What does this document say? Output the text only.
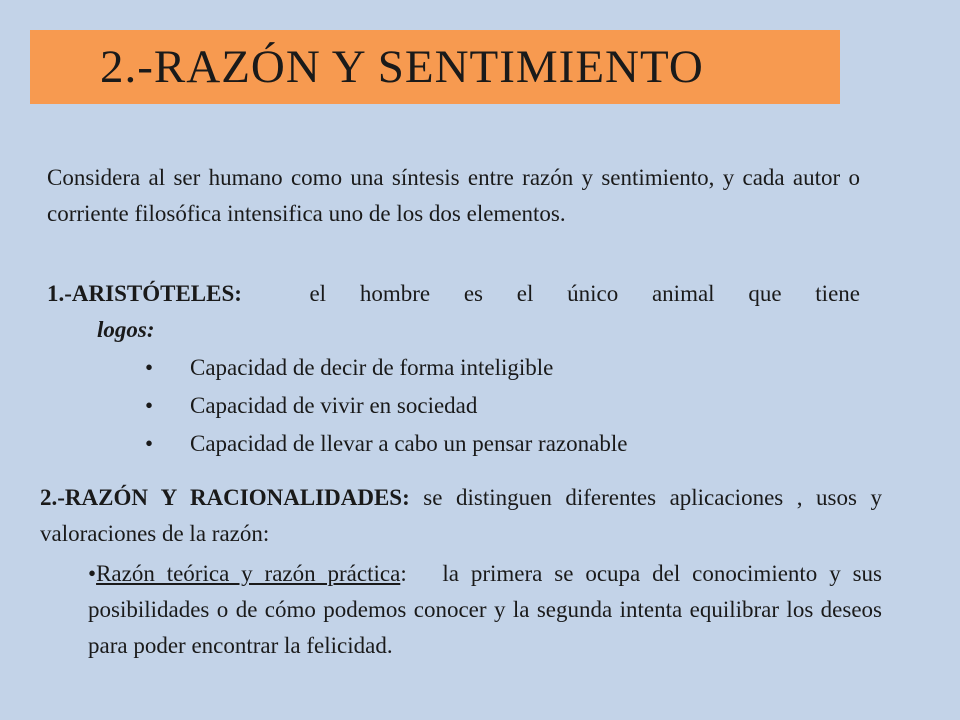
2.-RAZÓN Y SENTIMIENTO
Considera al ser humano como una síntesis entre razón y sentimiento, y cada autor o corriente filosófica intensifica uno de los dos elementos.
1.-ARISTÓTELES:	el hombre es el único animal que tiene
logos:
• Capacidad de decir de forma inteligible
• Capacidad de vivir en sociedad
• Capacidad de llevar a cabo un pensar razonable
2.-RAZÓN Y RACIONALIDADES: se distinguen diferentes aplicaciones , usos y valoraciones de la razón:
•Razón teórica y razón práctica: la primera se ocupa del conocimiento y sus posibilidades o de cómo podemos conocer y la segunda intenta equilibrar los deseos para poder encontrar la felicidad.
